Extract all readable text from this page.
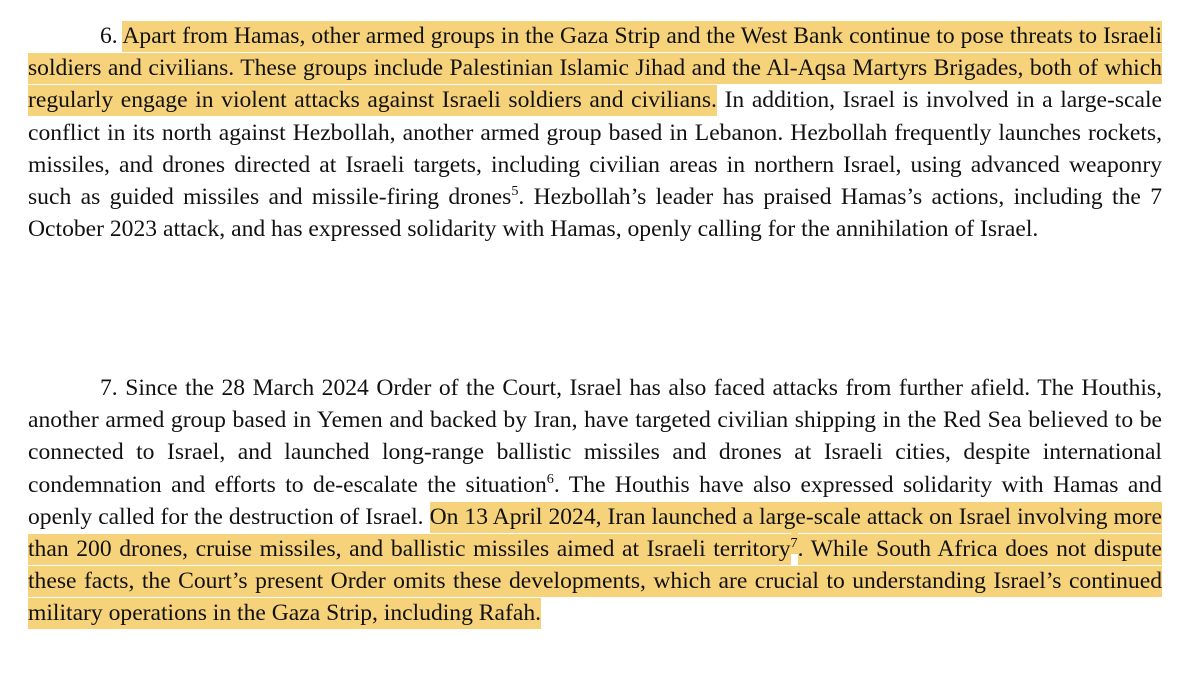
6. Apart from Hamas, other armed groups in the Gaza Strip and the West Bank continue to pose threats to Israeli soldiers and civilians. These groups include Palestinian Islamic Jihad and the Al-Aqsa Martyrs Brigades, both of which regularly engage in violent attacks against Israeli soldiers and civilians. In addition, Israel is involved in a large-scale conflict in its north against Hezbollah, another armed group based in Lebanon. Hezbollah frequently launches rockets, missiles, and drones directed at Israeli targets, including civilian areas in northern Israel, using advanced weaponry such as guided missiles and missile-firing drones$^5$. Hezbollah’s leader has praised Hamas’s actions, including the 7 October 2023 attack, and has expressed solidarity with Hamas, openly calling for the annihilation of Israel.

7. Since the 28 March 2024 Order of the Court, Israel has also faced attacks from further afield. The Houthis, another armed group based in Yemen and backed by Iran, have targeted civilian shipping in the Red Sea believed to be connected to Israel, and launched long-range ballistic missiles and drones at Israeli cities, despite international condemnation and efforts to de-escalate the situation$^6$. The Houthis have also expressed solidarity with Hamas and openly called for the destruction of Israel. On 13 April 2024, Iran launched a large-scale attack on Israel involving more than 200 drones, cruise missiles, and ballistic missiles aimed at Israeli territory$^7$. While South Africa does not dispute these facts, the Court’s present Order omits these developments, which are crucial to understanding Israel’s continued military operations in the Gaza Strip, including Rafah.
